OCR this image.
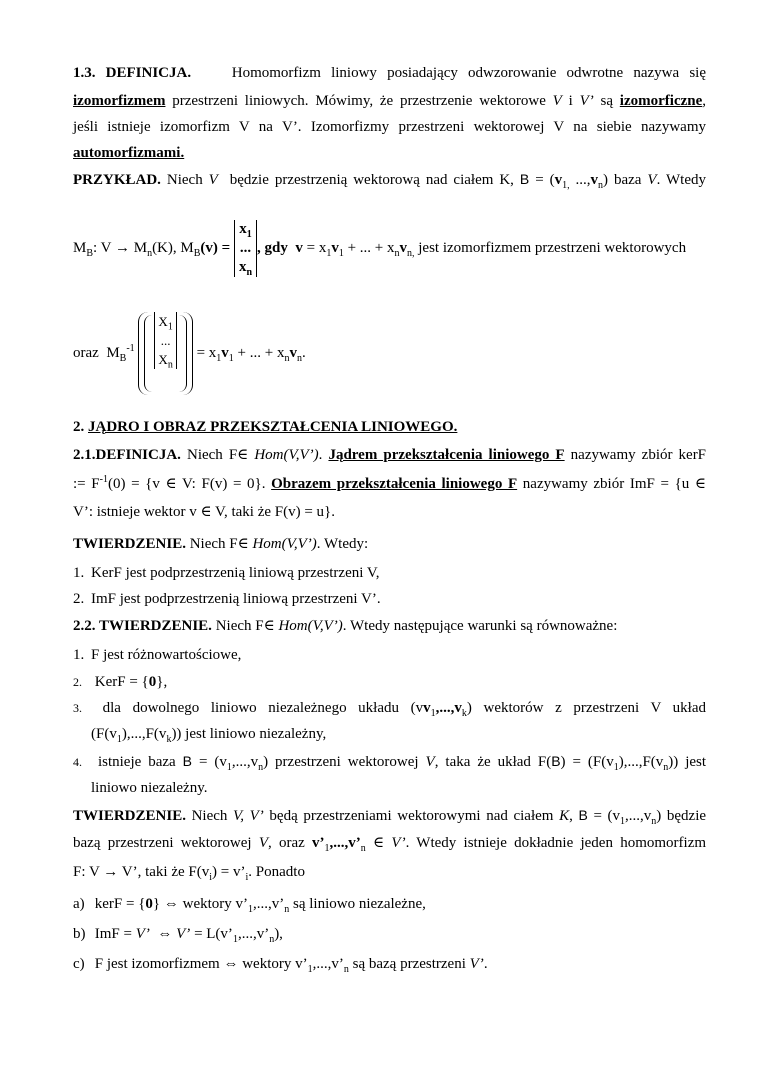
1.3. DEFINICJA.	Homomorfizm liniowy posiadający odwzorowanie odwrotne nazywa się
izomorfizmem przestrzeni liniowych. Mówimy, że przestrzenie wektorowe V i V’ są izomorficzne,
jeśli istnieje izomorfizm V na V’. Izomorfizmy przestrzeni wektorowej V na siebie nazywamy
automorfizmami.
PRZYKŁAD. Niech V będzie przestrzenią wektorową nad ciałem K, $B = (v_{1,}$ $...,v_n$) baza V. Wtedy
$M_B$: $V \to M_n(K)$, $M_B(v) = x_1$
...
$x_n$, gdy $v = x_1v_1$ + ... + $x_nv_{n,}$ jest izomorfizmem przestrzeni wektorowych
oraz $M_B^{-1}$
$X_1$
...
$X_n$
= $x_1v_1$ + ... + $x_nv_n$.
2. JĄDRO I OBRAZ PRZEKSZTAŁCENIA LINIOWEGO.
2.1.DEFINICJA. Niech F∈ Hom(V,V’). Jądrem przekształcenia liniowego F nazywamy zbiór kerF
:= $F^{-1}(0) = \{v$ ∈ V: F(v) = 0}. Obrazem przekształcenia liniowego F nazywamy zbiór ImF = {u ∈
V’: istnieje wektor v ∈ V, taki że F(v) = u}.
TWIERDZENIE. Niech F∈ Hom(V,V’). Wtedy:
1. KerF jest podprzestrzenią liniową przestrzeni V,
2. ImF jest podprzestrzenią liniową przestrzeni V’.
2.2. TWIERDZENIE. Niech F∈ Hom(V,V’). Wtedy następujące warunki są równoważne:
1. F jest różnowartościowe,
2. KerF = {0},
3. dla dowolnego liniowo niezależnego układu $(vv_1,...,v_k)$ wektorów z przestrzeni V układ
$(F(v_1),...,F(v_k))$ jest liniowo niezależny,
4. istnieje baza $B = (v_1,...,v_n)$ przestrzeni wektorowej V, taka że układ $F(B) = (F(v_1),...,F(v_n))$ jest
liniowo niezależny.
TWIERDZENIE. Niech V, V’ będą przestrzeniami wektorowymi nad ciałem K, $B = (v_1,...,v_n)$ będzie
bazą przestrzeni wektorowej V, oraz $v’_1,...,v’_n$ ∈ V’. Wtedy istnieje dokładnie jeden homomorfizm
F: V → V’, taki że $F(v_i)$ = $v’_i$. Ponadto
a) kerF = {0} ⇔ wektory $v’_1,...,v’_n$ są liniowo niezależne,
b) ImF = V’ ⇔ V’ = $L(v’_1,...,v’_n)$,
c) F jest izomorfizmem ⇔ wektory $v’_1,...,v’_n$ są bazą przestrzeni V’.
